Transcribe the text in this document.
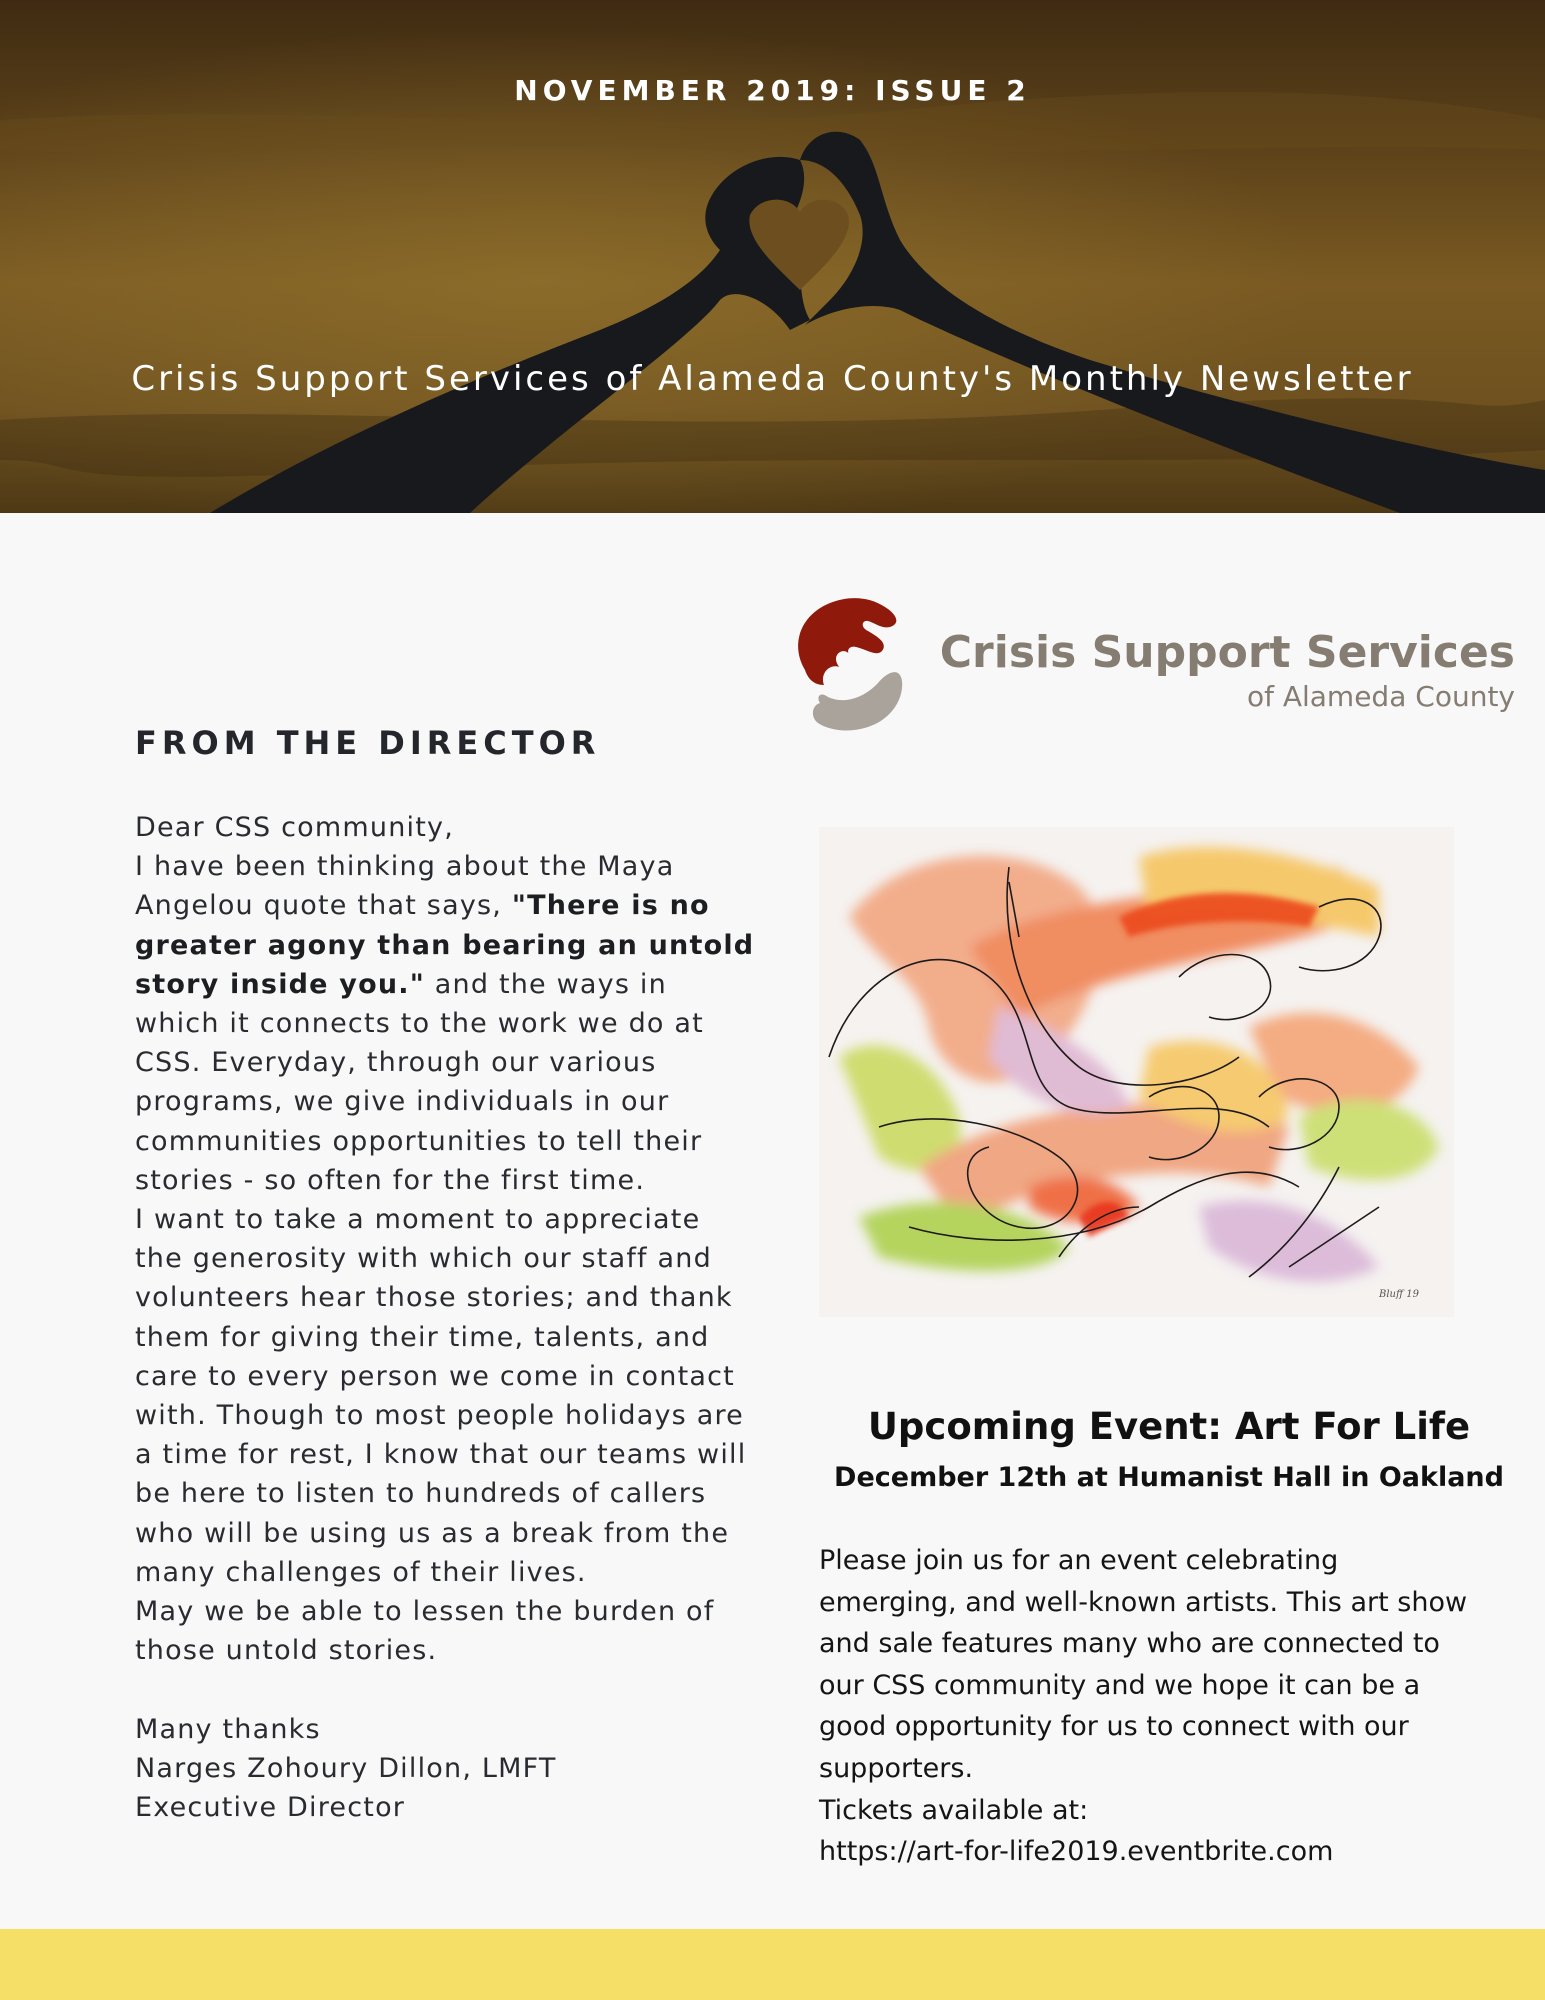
NOVEMBER 2019: ISSUE 2
Crisis Support Services of Alameda County's Monthly Newsletter
Crisis Support Services
of Alameda County
FROM THE DIRECTOR

Dear CSS community,

I have been thinking about the Maya Angelou quote that says, "There is no greater agony than bearing an untold story inside you." and the ways in which it connects to the work we do at CSS. Everyday, through our various programs, we give individuals in our communities opportunities to tell their stories - so often for the first time.

I want to take a moment to appreciate the generosity with which our staff and volunteers hear those stories; and thank them for giving their time, talents, and care to every person we come in contact with. Though to most people holidays are a time for rest, I know that our teams will be here to listen to hundreds of callers who will be using us as a break from the many challenges of their lives.

May we be able to lessen the burden of those untold stories.

Many thanks

Narges Zohoury Dillon, LMFT

Executive Director

Bluff 19
Upcoming Event: Art For Life
December 12th at Humanist Hall in Oakland

Please join us for an event celebrating emerging, and well-known artists. This art show and sale features many who are connected to our CSS community and we hope it can be a good opportunity for us to connect with our supporters.

Tickets available at:

https://art-for-life2019.eventbrite.com
